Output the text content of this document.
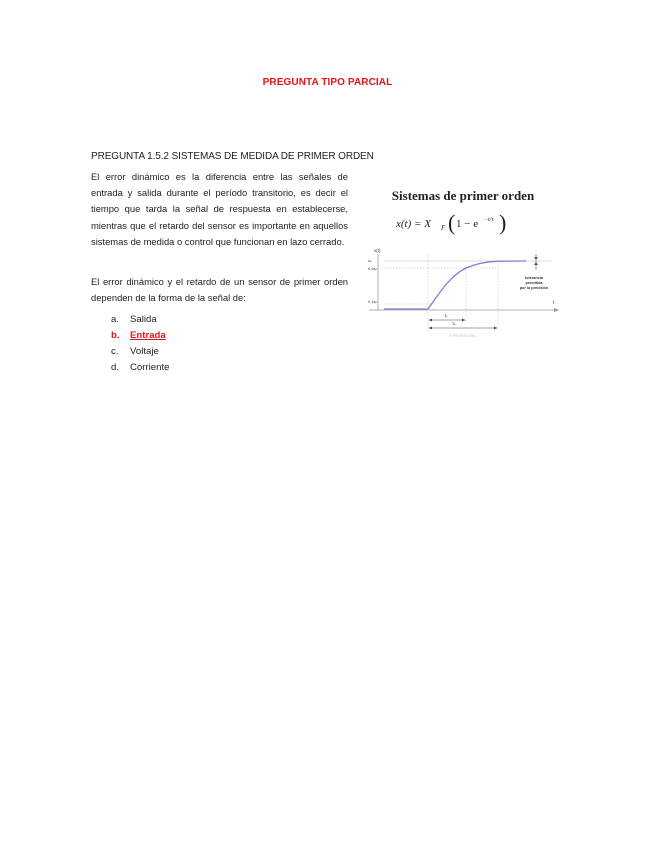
PREGUNTA TIPO PARCIAL
PREGUNTA 1.5.2 SISTEMAS DE MEDIDA DE PRIMER ORDEN

El error dinámico es la diferencia entre las señales de entrada y salida durante el período transitorio, es decir el tiempo que tarda la señal de respuesta en establecerse, mientras que el retardo del sensor es importante en aquellos sistemas de medida o control que funcionan en lazo cerrado.

El error dinámico y el retardo de un sensor de primer orden dependen de la forma de la señal de:

a.	Salida
b.	Entrada
c.	Voltaje
d.	Corriente
Sistemas de primer orden
x(t) = X F ( 1 − e −t/τ )
x(t)
t
xₚ
0,9xₚ
0,1xₚ
tolerancia
permitida
por la precisión
tᵣ
tₛ
© PROFEDIGITAL
